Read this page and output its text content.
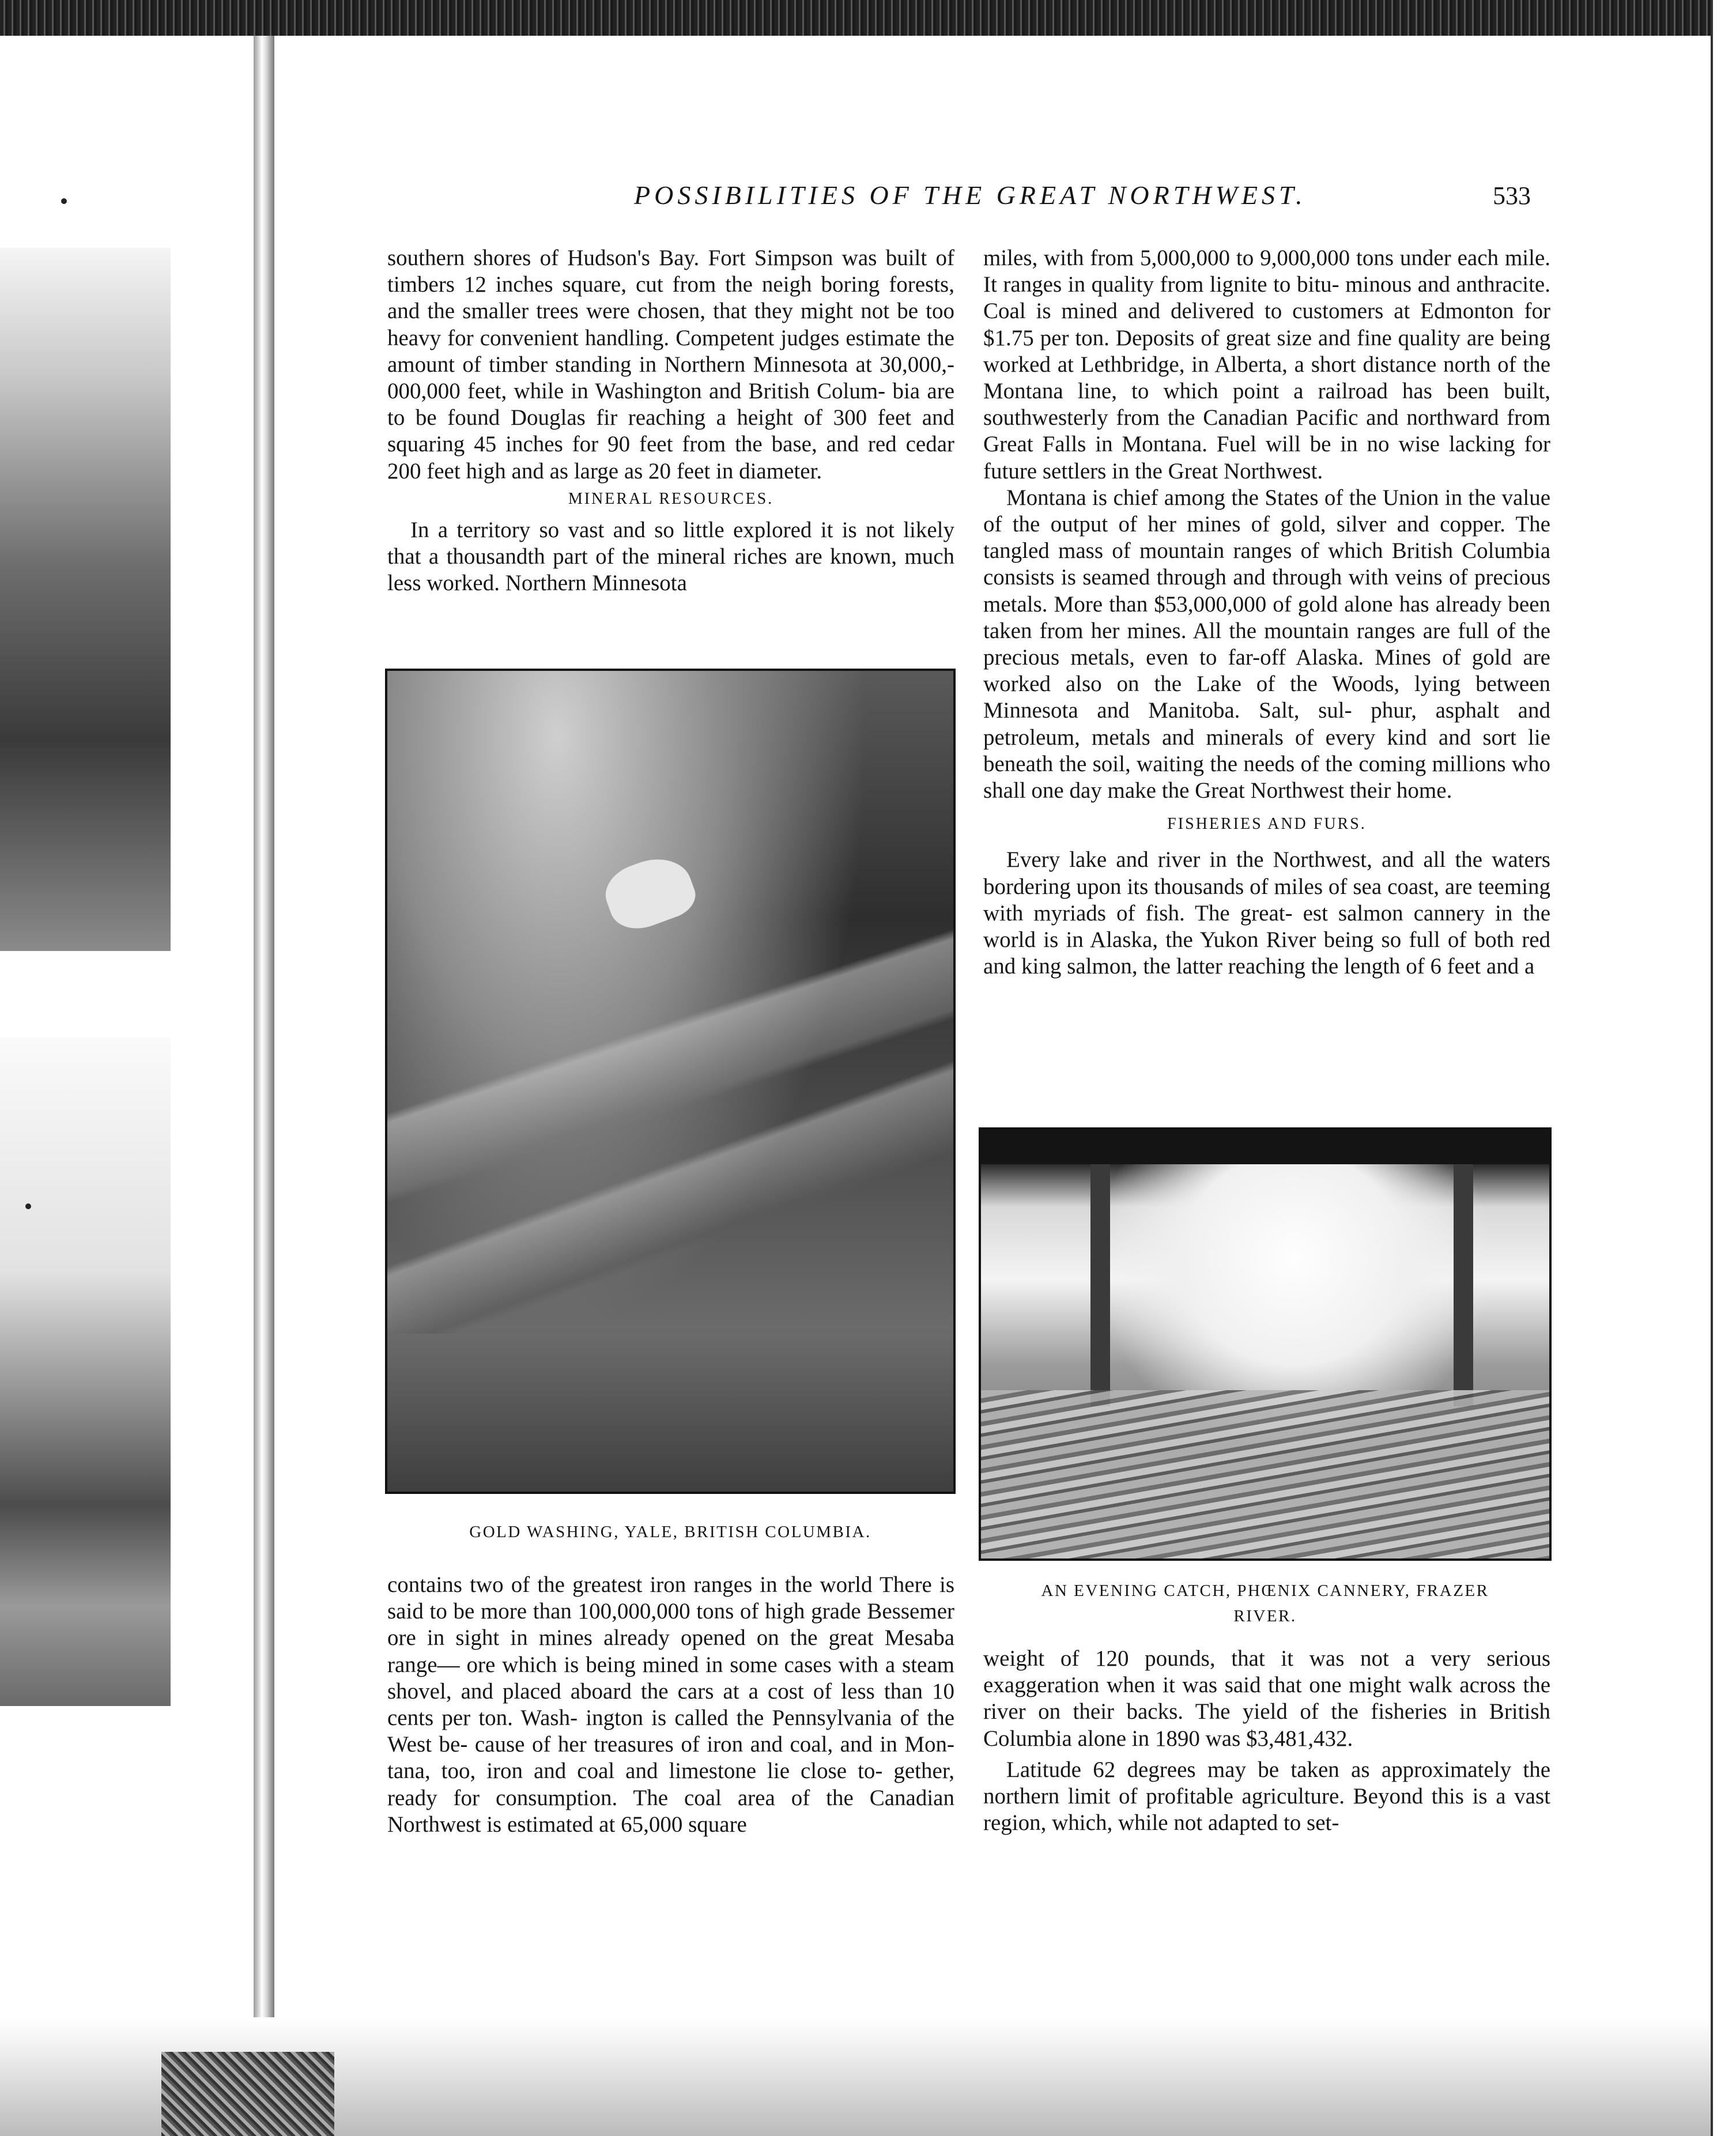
POSSIBILITIES OF THE GREAT NORTHWEST.	533

southern shores of Hudson's Bay. Fort Simpson was built of timbers 12 inches square, cut from the neigh boring forests, and the smaller trees were chosen, that they might not be too heavy for convenient handling. Competent judges estimate the amount of timber standing in Northern Minnesota at 30,000,- 000,000 feet, while in Washington and British Colum- bia are to be found Douglas fir reaching a height of 300 feet and squaring 45 inches for 90 feet from the base, and red cedar 200 feet high and as large as 20 feet in diameter.

MINERAL RESOURCES.

In a territory so vast and so little explored it is not likely that a thousandth part of the mineral riches are known, much less worked. Northern Minnesota

GOLD WASHING, YALE, BRITISH COLUMBIA.

contains two of the greatest iron ranges in the world There is said to be more than 100,000,000 tons of high grade Bessemer ore in sight in mines already opened on the great Mesaba range— ore which is being mined in some cases with a steam shovel, and placed aboard the cars at a cost of less than 10 cents per ton. Wash- ington is called the Pennsylvania of the West be- cause of her treasures of iron and coal, and in Mon- tana, too, iron and coal and limestone lie close to- gether, ready for consumption. The coal area of the Canadian Northwest is estimated at 65,000 square

miles, with from 5,000,000 to 9,000,000 tons under each mile. It ranges in quality from lignite to bitu- minous and anthracite. Coal is mined and delivered to customers at Edmonton for $1.75 per ton. Deposits of great size and fine quality are being worked at Lethbridge, in Alberta, a short distance north of the Montana line, to which point a railroad has been built, southwesterly from the Canadian Pacific and northward from Great Falls in Montana. Fuel will be in no wise lacking for future settlers in the Great Northwest.

Montana is chief among the States of the Union in the value of the output of her mines of gold, silver and copper. The tangled mass of mountain ranges of which British Columbia consists is seamed through and through with veins of precious metals. More than $53,000,000 of gold alone has already been taken from her mines. All the mountain ranges are full of the precious metals, even to far-off Alaska. Mines of gold are worked also on the Lake of the Woods, lying between Minnesota and Manitoba. Salt, sul- phur, asphalt and petroleum, metals and minerals of every kind and sort lie beneath the soil, waiting the needs of the coming millions who shall one day make the Great Northwest their home.

FISHERIES AND FURS.

Every lake and river in the Northwest, and all the waters bordering upon its thousands of miles of sea coast, are teeming with myriads of fish. The great- est salmon cannery in the world is in Alaska, the Yukon River being so full of both red and king salmon, the latter reaching the length of 6 feet and a

AN EVENING CATCH, PHŒNIX CANNERY, FRAZER
RIVER.

weight of 120 pounds, that it was not a very serious exaggeration when it was said that one might walk across the river on their backs. The yield of the fisheries in British Columbia alone in 1890 was $3,481,432.

Latitude 62 degrees may be taken as approximately the northern limit of profitable agriculture. Beyond this is a vast region, which, while not adapted to set-
